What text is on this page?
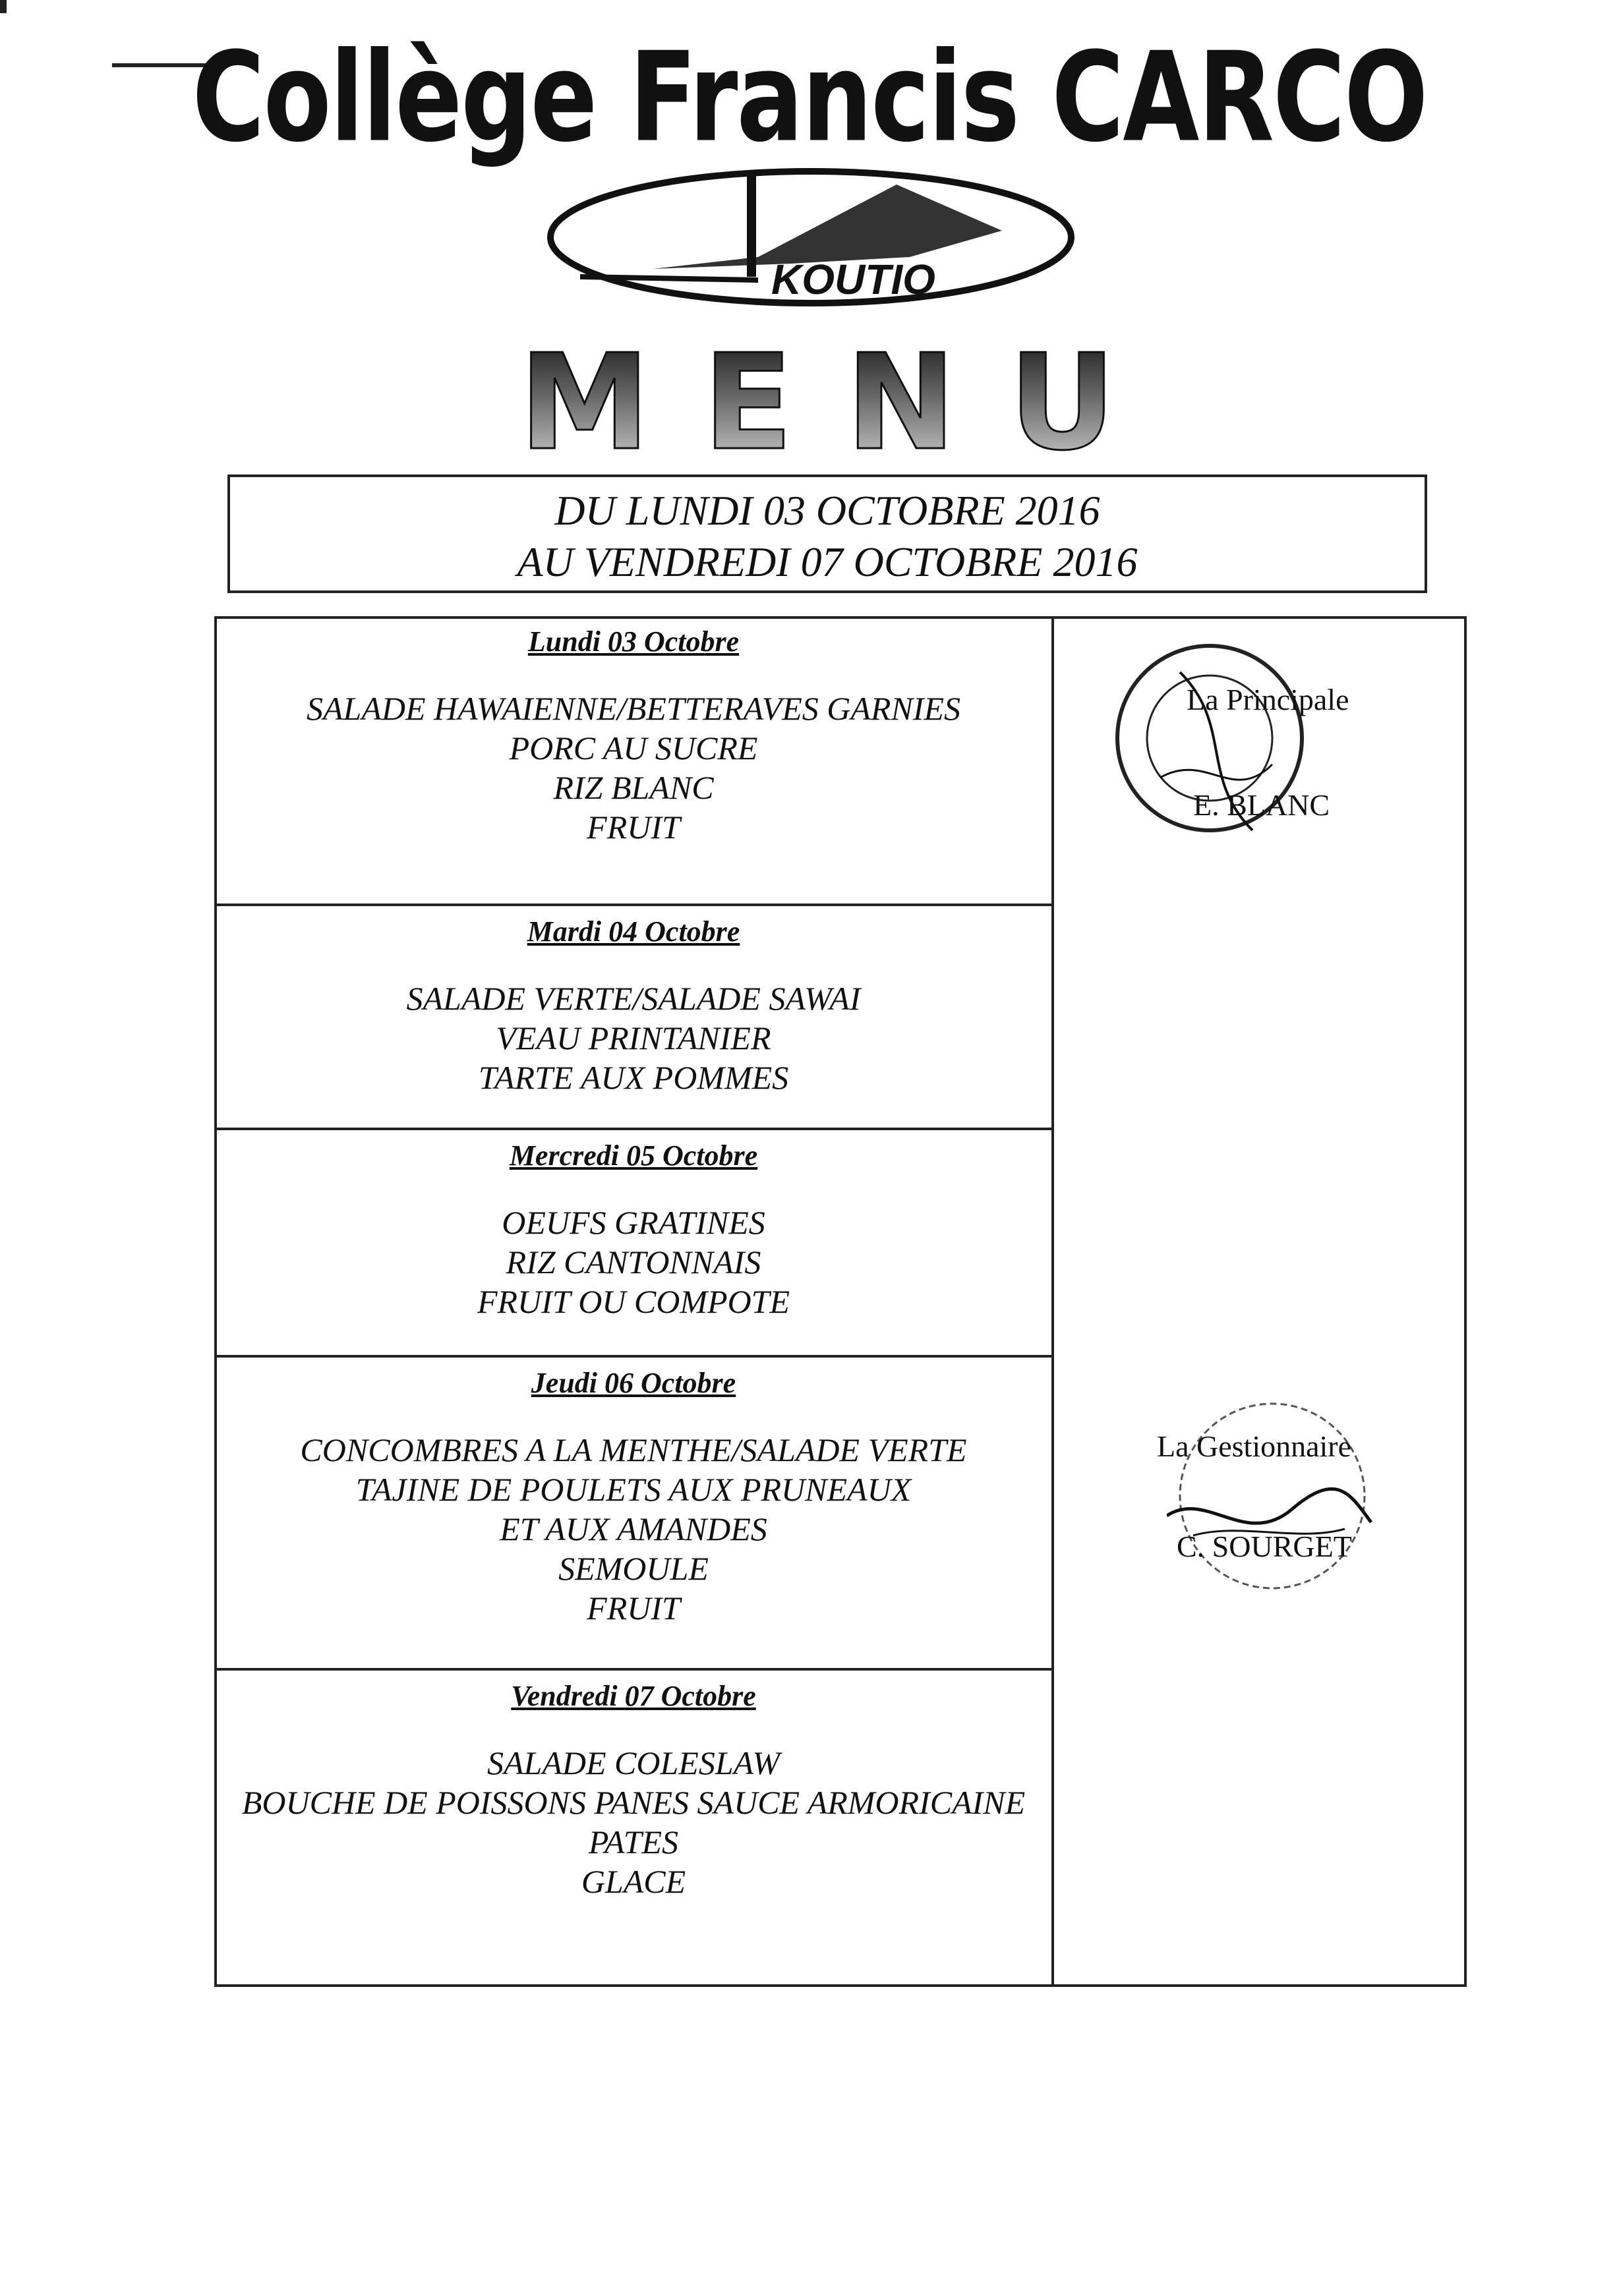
Collège Francis CARCO
KOUTIO
MENU
DU LUNDI 03 OCTOBRE 2016
AU VENDREDI 07 OCTOBRE 2016
Lundi 03 Octobre
SALADE HAWAIENNE/BETTERAVES GARNIES
PORC AU SUCRE
RIZ BLANC
FRUIT
Mardi 04 Octobre
SALADE VERTE/SALADE SAWAI
VEAU PRINTANIER
TARTE AUX POMMES
Mercredi 05 Octobre
OEUFS GRATINES
RIZ CANTONNAIS
FRUIT OU COMPOTE
Jeudi 06 Octobre
CONCOMBRES A LA MENTHE/SALADE VERTE
TAJINE DE POULETS AUX PRUNEAUX
ET AUX AMANDES
SEMOULE
FRUIT
Vendredi 07 Octobre
SALADE COLESLAW
BOUCHE DE POISSONS PANES SAUCE ARMORICAINE
PATES
GLACE
La Principale
E. BLANC
La Gestionnaire
C. SOURGET
